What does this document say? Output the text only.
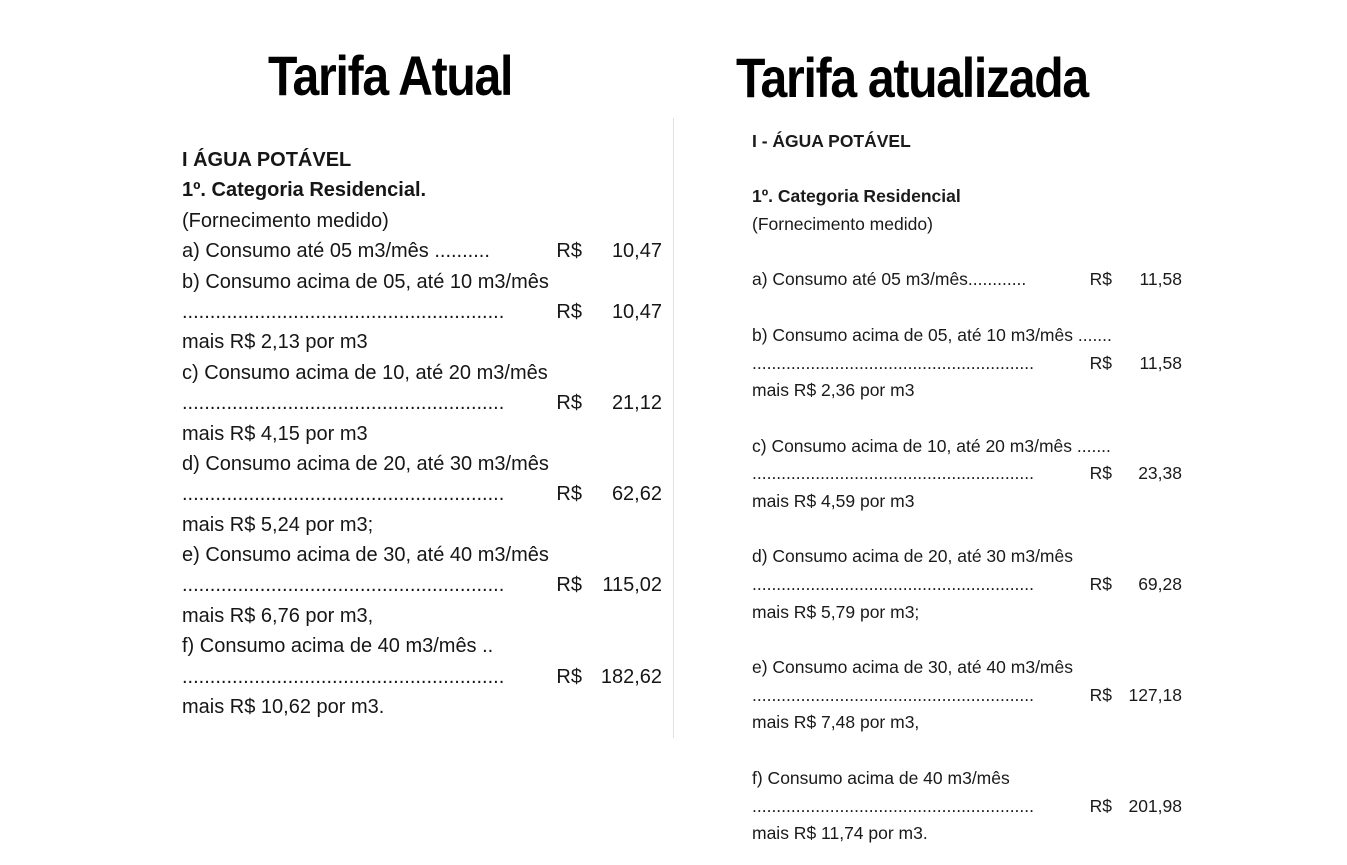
Tarifa Atual	Tarifa atualizada
I ÁGUA POTÁVEL
1º. Categoria Residencial.
(Fornecimento medido)
a) Consumo até 05 m3/mês ..........	R$	10,47
b) Consumo acima de 05, até 10 m3/mês
..........................................................	R$	10,47
mais R$ 2,13 por m3
c) Consumo acima de 10, até 20 m3/mês
..........................................................	R$	21,12
mais R$ 4,15 por m3
d) Consumo acima de 20, até 30 m3/mês
..........................................................	R$	62,62
mais R$ 5,24 por m3;
e) Consumo acima de 30, até 40 m3/mês
..........................................................	R$	115,02
mais R$ 6,76 por m3,
f) Consumo acima de 40 m3/mês ..
..........................................................	R$ 182,62
mais R$ 10,62 por m3.
I - ÁGUA POTÁVEL
1º. Categoria Residencial
(Fornecimento medido)
a) Consumo até 05 m3/mês............	R$	11,58
b) Consumo acima de 05, até 10 m3/mês .......
..........................................................	R$	11,58
mais R$ 2,36 por m3
c) Consumo acima de 10, até 20 m3/mês .......
..........................................................	R$	23,38
mais R$ 4,59 por m3
d) Consumo acima de 20, até 30 m3/mês
..........................................................	R$	69,28
mais R$ 5,79 por m3;
e) Consumo acima de 30, até 40 m3/mês
..........................................................	R$ 127,18
mais R$ 7,48 por m3,
f) Consumo acima de 40 m3/mês
..........................................................	R$ 201,98
mais R$ 11,74 por m3.
